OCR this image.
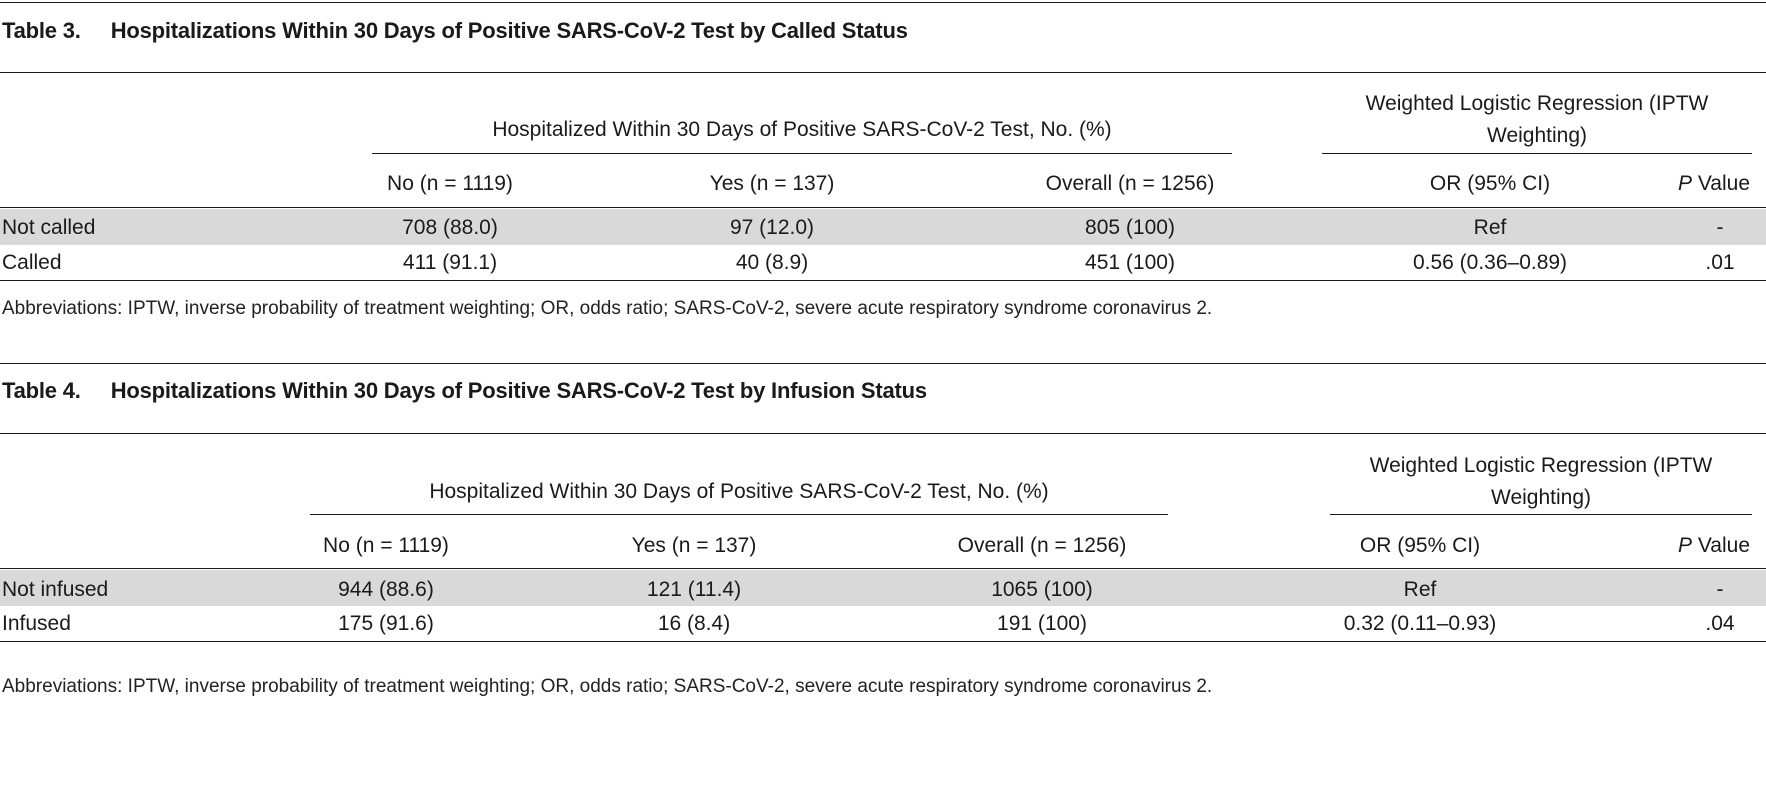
Table 3. Hospitalizations Within 30 Days of Positive SARS-CoV-2 Test by Called Status
Hospitalized Within 30 Days of Positive SARS-CoV-2 Test, No. (%)
Weighted Logistic Regression (IPTW Weighting)
No (n = 1119)	Yes (n = 137)	Overall (n = 1256)	OR (95% CI)	P Value
Not called	708 (88.0)	97 (12.0)	805 (100)	Ref	-
Called	411 (91.1)	40 (8.9)	451 (100)	0.56 (0.36–0.89)	.01
Abbreviations: IPTW, inverse probability of treatment weighting; OR, odds ratio; SARS-CoV-2, severe acute respiratory syndrome coronavirus 2.
Table 4. Hospitalizations Within 30 Days of Positive SARS-CoV-2 Test by Infusion Status
Hospitalized Within 30 Days of Positive SARS-CoV-2 Test, No. (%)
Weighted Logistic Regression (IPTW Weighting)
No (n = 1119)	Yes (n = 137)	Overall (n = 1256)	OR (95% CI)	P Value
Not infused	944 (88.6)	121 (11.4)	1065 (100)	Ref	-
Infused	175 (91.6)	16 (8.4)	191 (100)	0.32 (0.11–0.93)	.04
Abbreviations: IPTW, inverse probability of treatment weighting; OR, odds ratio; SARS-CoV-2, severe acute respiratory syndrome coronavirus 2.
